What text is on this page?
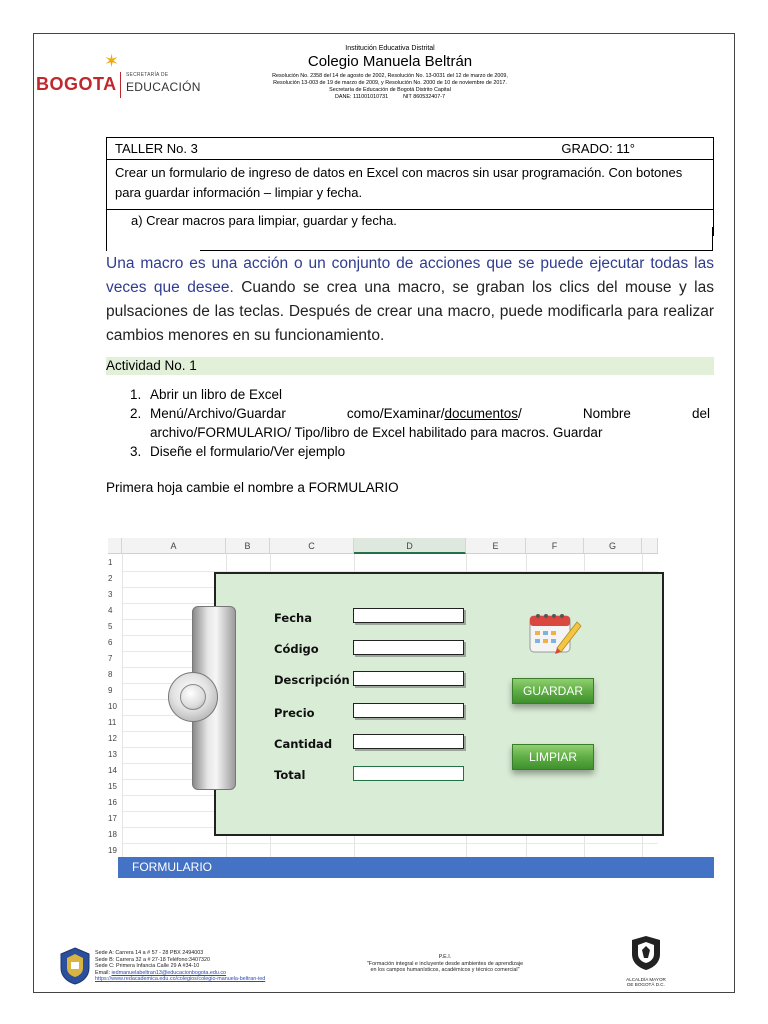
✶
BOGOTA SECRETARÍA DE
EDUCACIÓN
Institución Educativa Distrital
Colegio Manuela Beltrán
Resolución No. 2358 del 14 de agosto de 2002, Resolución No. 13-0031 del 12 de marzo de 2009,
Resolución 13-003 de 19 de marzo de 2009, y Resolución No. 2000 de 10 de noviembre de 2017.
Secretaría de Educación de Bogotá Distrito Capital
DANE: 111001010731	NIT 860532407-7
TALLER No. 3	GRADO: 11°
Crear un formulario de ingreso de datos en Excel con macros sin usar programación. Con botones para guardar información – limpiar y fecha.
a) Crear macros para limpiar, guardar y fecha.
Una macro es una acción o un conjunto de acciones que se puede ejecutar todas las veces que desee. Cuando se crea una macro, se graban los clics del mouse y las pulsaciones de las teclas. Después de crear una macro, puede modificarla para realizar cambios menores en su funcionamiento.
Actividad No. 1
1. Abrir un libro de Excel
2. Menú/Archivo/Guardar	como/Examinar/documentos/	Nombre	del
archivo/FORMULARIO/ Tipo/libro de Excel habilitado para macros. Guardar
3. Diseñe el formulario/Ver ejemplo
Primera hoja cambie el nombre a FORMULARIO
A	B	C	D	E	F	G
1
2
3
4
5
6
7
8
9
10
11
12
13
14
15
16
17
18
19
Fecha
Código
Descripción
Precio
Cantidad
Total
GUARDAR
LIMPIAR
FORMULARIO
Sede A: Carrera 14 a # 57 - 28 PBX 2494003
Sede B: Carrera 32 a # 27-18 Teléfono:3407320
Sede C: Primera Infancia Calle 29 A #34-10
Email: iedmanuelabeltran13@educacionbogota.edu.co
https://www.redacademica.edu.co/colegios/colegio-manuela-beltran-ied
P.E.I.
"Formación integral e incluyente desde ambientes de aprendizaje
en los campos humanísticos, académicos y técnico comercial"
ALCALDÍA MAYOR
DE BOGOTÁ D.C.
